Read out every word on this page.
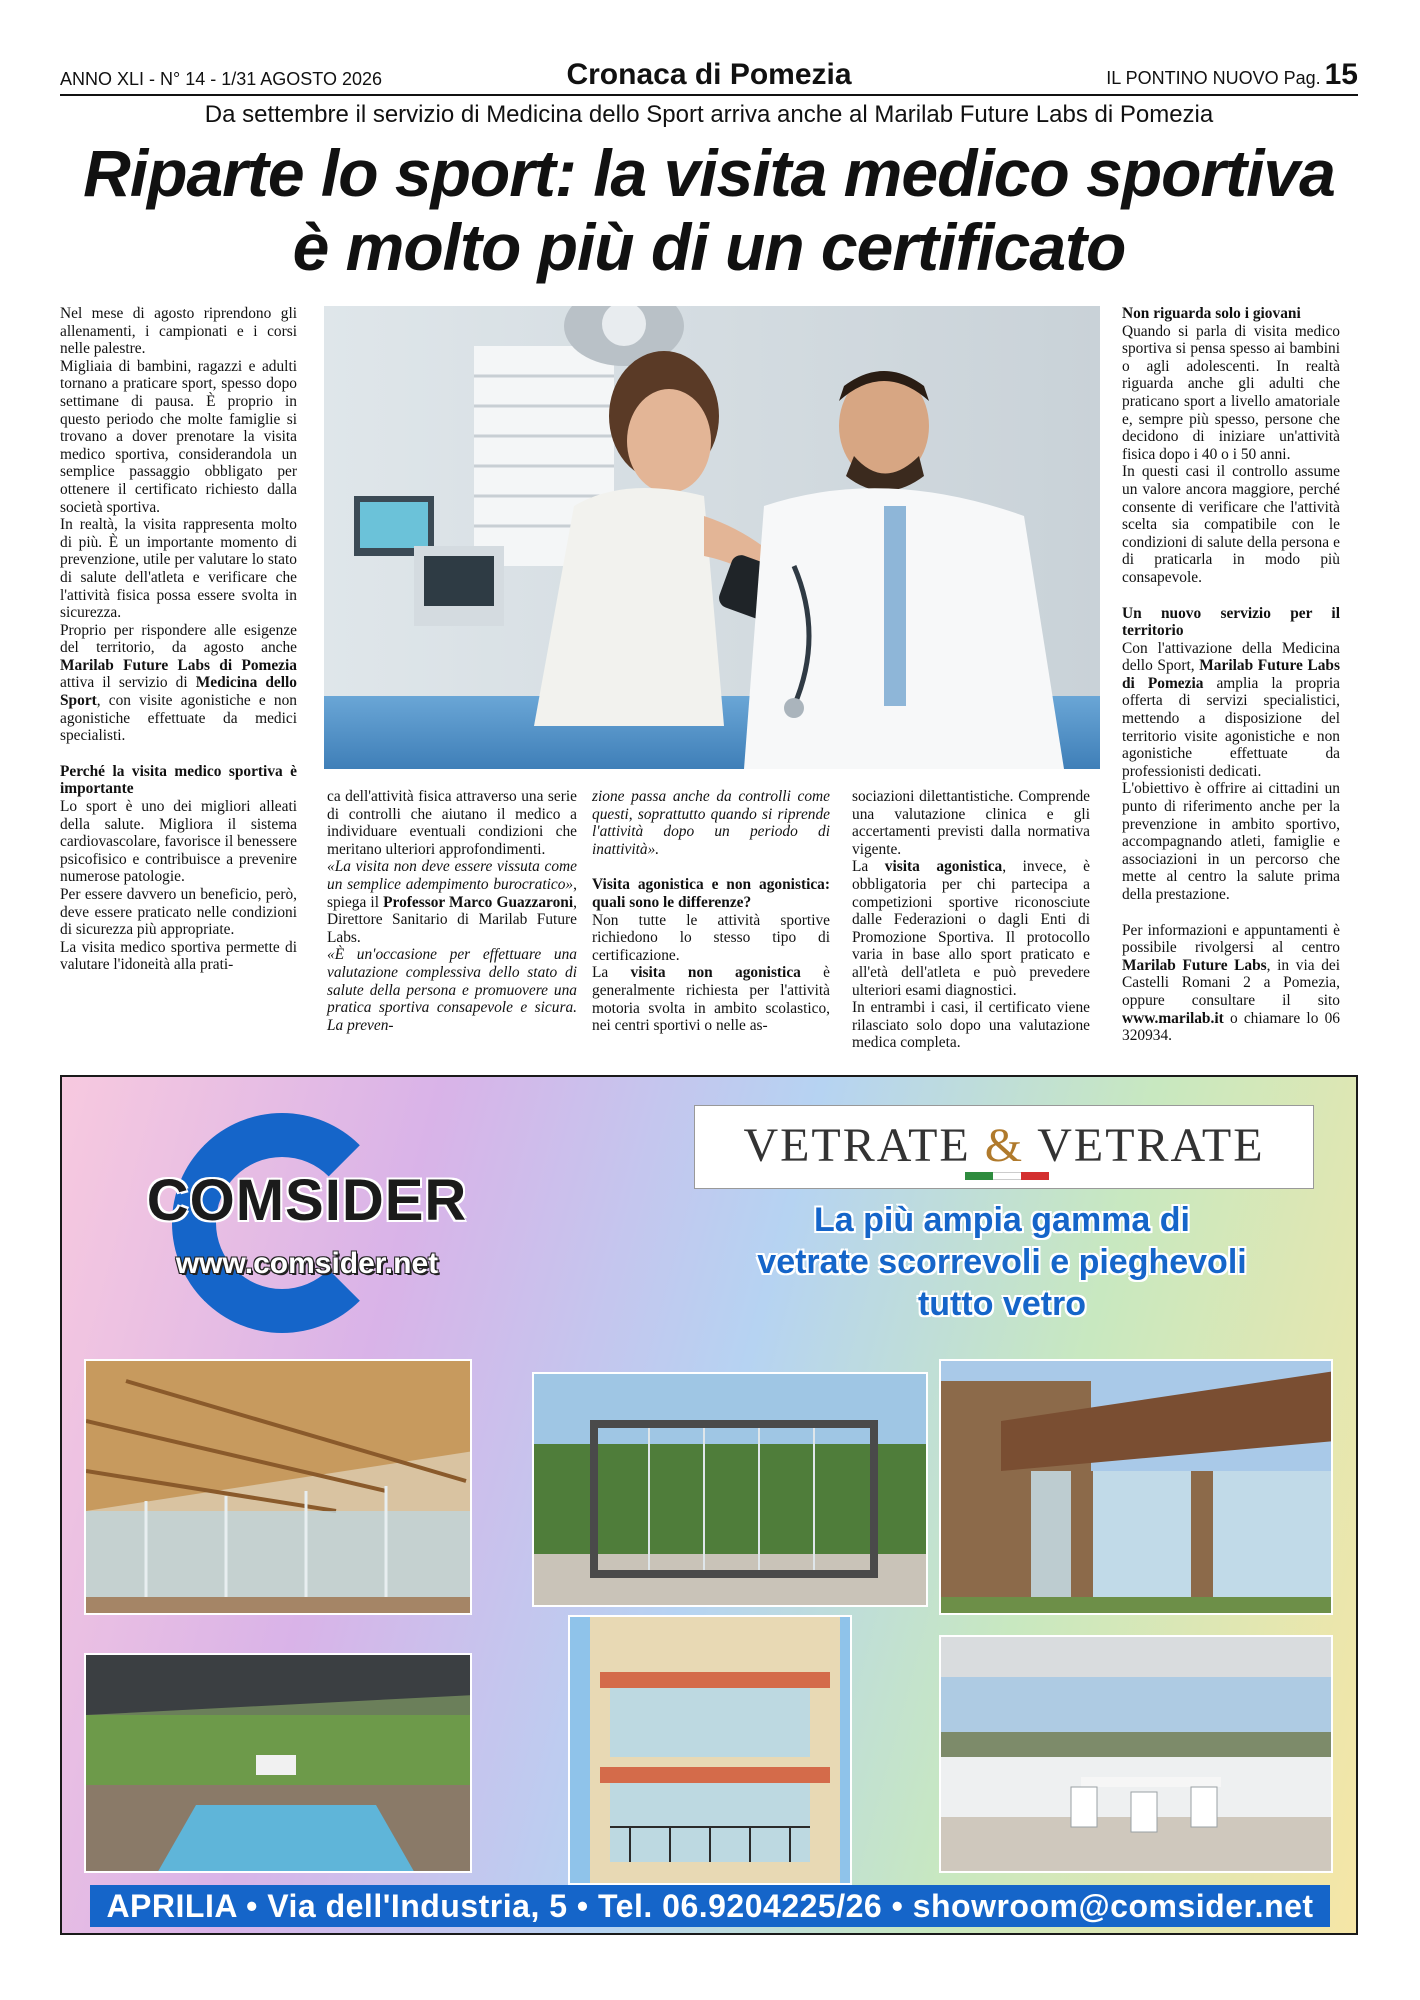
ANNO XLI - N° 14 - 1/31 AGOSTO 2026	Cronaca di Pomezia	IL PONTINO NUOVO Pag. 15
Da settembre il servizio di Medicina dello Sport arriva anche al Marilab Future Labs di Pomezia
Riparte lo sport: la visita medico sportiva
è molto più di un certificato

Nel mese di agosto riprendono gli allenamenti, i campionati e i corsi nelle palestre.

Migliaia di bambini, ragazzi e adulti tornano a praticare sport, spesso dopo settimane di pausa. È proprio in questo periodo che molte famiglie si trovano a dover prenotare la visita medico sportiva, considerandola un semplice passaggio obbligato per ottenere il certificato richiesto dalla società sportiva.

In realtà, la visita rappresenta molto di più. È un importante momento di prevenzione, utile per valutare lo stato di salute dell'atleta e verificare che l'attività fisica possa essere svolta in sicurezza.

Proprio per rispondere alle esigenze del territorio, da agosto anche Marilab Future Labs di Pomezia attiva il servizio di Medicina dello Sport, con visite agonistiche e non agonistiche effettuate da medici specialisti.

Perché la visita medico sportiva è importante

Lo sport è uno dei migliori alleati della salute. Migliora il sistema cardiovascolare, favorisce il benessere psicofisico e contribuisce a prevenire numerose patologie.

Per essere davvero un beneficio, però, deve essere praticato nelle condizioni di sicurezza più appropriate.

La visita medico sportiva permette di valutare l'idoneità alla prati-

ca dell'attività fisica attraverso una serie di controlli che aiutano il medico a individuare eventuali condizioni che meritano ulteriori approfondimenti.

«La visita non deve essere vissuta come un semplice adempimento burocratico», spiega il Professor Marco Guazzaroni, Direttore Sanitario di Marilab Future Labs.

«È un'occasione per effettuare una valutazione complessiva dello stato di salute della persona e promuovere una pratica sportiva consapevole e sicura. La preven-

zione passa anche da controlli come questi, soprattutto quando si riprende l'attività dopo un periodo di inattività».

Visita agonistica e non agonistica: quali sono le differenze?

Non tutte le attività sportive richiedono lo stesso tipo di certificazione.

La visita non agonistica è generalmente richiesta per l'attività motoria svolta in ambito scolastico, nei centri sportivi o nelle as-

sociazioni dilettantistiche. Comprende una valutazione clinica e gli accertamenti previsti dalla normativa vigente.

La visita agonistica, invece, è obbligatoria per chi partecipa a competizioni sportive riconosciute dalle Federazioni o dagli Enti di Promozione Sportiva. Il protocollo varia in base allo sport praticato e all'età dell'atleta e può prevedere ulteriori esami diagnostici.

In entrambi i casi, il certificato viene rilasciato solo dopo una valutazione medica completa.

Non riguarda solo i giovani

Quando si parla di visita medico sportiva si pensa spesso ai bambini o agli adolescenti. In realtà riguarda anche gli adulti che praticano sport a livello amatoriale e, sempre più spesso, persone che decidono di iniziare un'attività fisica dopo i 40 o i 50 anni.

In questi casi il controllo assume un valore ancora maggiore, perché consente di verificare che l'attività scelta sia compatibile con le condizioni di salute della persona e di praticarla in modo più consapevole.

Un nuovo servizio per il territorio

Con l'attivazione della Medicina dello Sport, Marilab Future Labs di Pomezia amplia la propria offerta di servizi specialistici, mettendo a disposizione del territorio visite agonistiche e non agonistiche effettuate da professionisti dedicati.

L'obiettivo è offrire ai cittadini un punto di riferimento anche per la prevenzione in ambito sportivo, accompagnando atleti, famiglie e associazioni in un percorso che mette al centro la salute prima della prestazione.

Per informazioni e appuntamenti è possibile rivolgersi al centro Marilab Future Labs, in via dei Castelli Romani 2 a Pomezia, oppure consultare il sito www.marilab.it o chiamare lo 06 320934.

COMSIDER
www.comsider.net
VETRATE & VETRATE
La più ampia gamma di
vetrate scorrevoli e pieghevoli
tutto vetro
APRILIA • Via dell'Industria, 5 • Tel. 06.9204225/26 • showroom@comsider.net
